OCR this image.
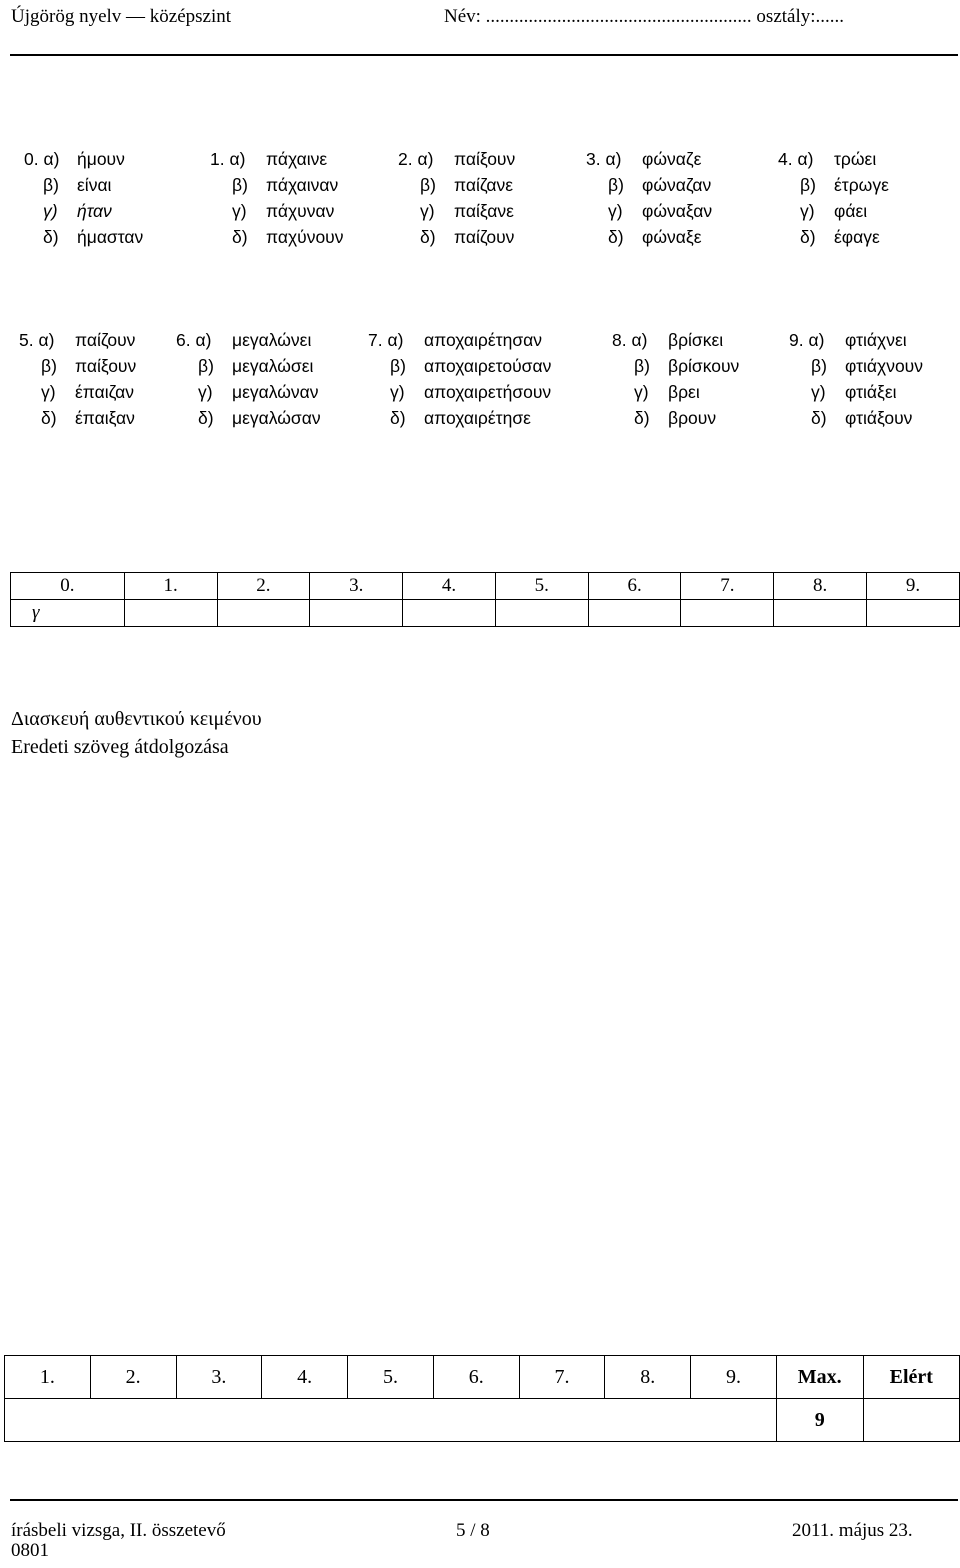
Újgörög nyelv — középszint	Név: ........................................................ osztály:......
0. α) ήμουν
β) είναι
γ) ήταν
δ) ήμασταν
1. α) πάχαινε
β) πάχαιναν
γ) πάχυναν
δ) παχύνουν
2. α) παίξουν
β) παίζανε
γ) παίξανε
δ) παίζουν
3. α) φώναζε
β) φώναζαν
γ) φώναξαν
δ) φώναξε
4. α) τρώει
β) έτρωγε
γ) φάει
δ) έφαγε
5. α) παίζουν
β) παίξουν
γ) έπαιζαν
δ) έπαιξαν
6. α) μεγαλώνει
β) μεγαλώσει
γ) μεγαλώναν
δ) μεγαλώσαν
7. α) αποχαιρέτησαν
β) αποχαιρετούσαν
γ) αποχαιρετήσουν
δ) αποχαιρέτησε
8. α) βρίσκει
β) βρίσκουν
γ) βρει
δ) βρουν
9. α) φτιάχνει
β) φτιάχνουν
γ) φτιάξει
δ) φτιάξουν
0.	1.	2.	3.	4.	5.	6.	7.	8.	9.
γ									
Διασκευή αυθεντικού κειμένου
Eredeti szöveg átdolgozása
1.	2.	3.	4.	5.	6.	7.	8.	9.	Max.	Elért
									9	
írásbeli vizsga, II. összetevő
0801
5 / 8	2011. május 23.
